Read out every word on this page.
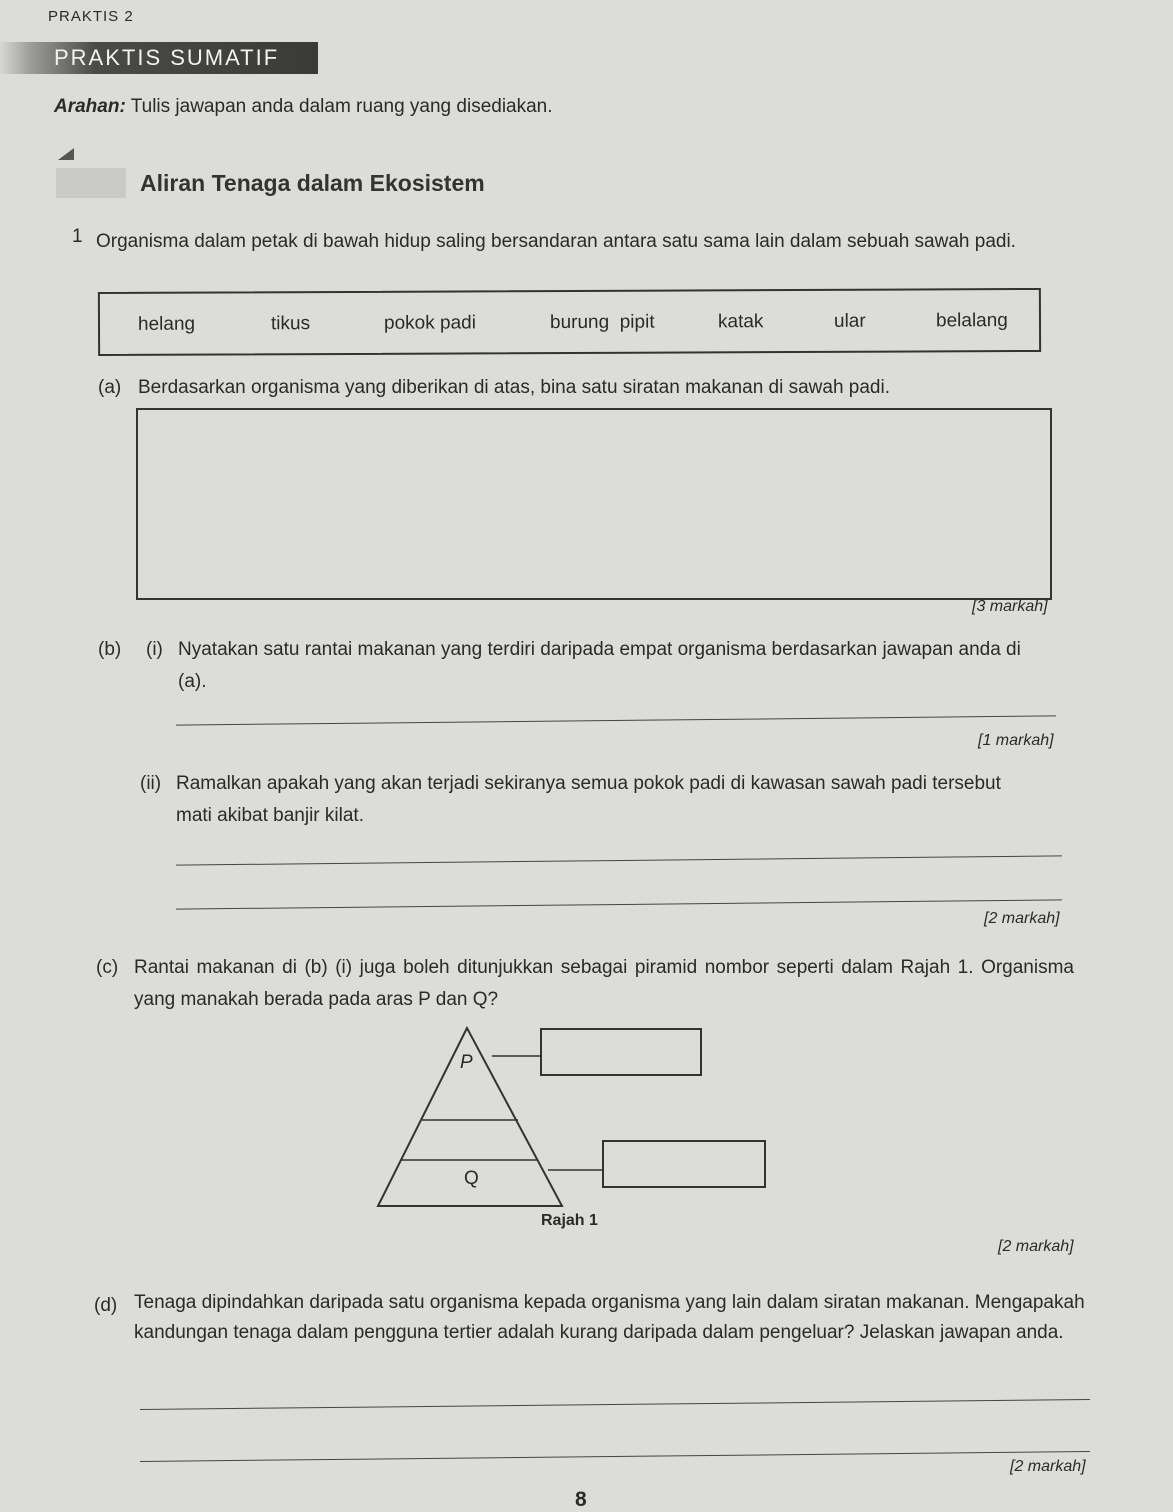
PRAKTIS 2
PRAKTIS SUMATIF
Arahan: Tulis jawapan anda dalam ruang yang disediakan.
Aliran Tenaga dalam Ekosistem
1 Organisma dalam petak di bawah hidup saling bersandaran antara satu sama lain dalam sebuah sawah padi.
helang	tikus	pokok padi	burung  pipit	katak	ular	belalang
(a) Berdasarkan organisma yang diberikan di atas, bina satu siratan makanan di sawah padi.
[3 markah]
(b) (i) Nyatakan satu rantai makanan yang terdiri daripada empat organisma berdasarkan jawapan anda di (a).
[1 markah]
(ii) Ramalkan apakah yang akan terjadi sekiranya semua pokok padi di kawasan sawah padi tersebut mati akibat banjir kilat.
[2 markah]
(c) Rantai makanan di (b) (i) juga boleh ditunjukkan sebagai piramid nombor seperti dalam Rajah 1. Organisma yang manakah berada pada aras P dan Q?
P
Q
Rajah 1
[2 markah]
(d) Tenaga dipindahkan daripada satu organisma kepada organisma yang lain dalam siratan makanan. Mengapakah kandungan tenaga dalam pengguna tertier adalah kurang daripada dalam pengeluar? Jelaskan jawapan anda.
[2 markah]
8
